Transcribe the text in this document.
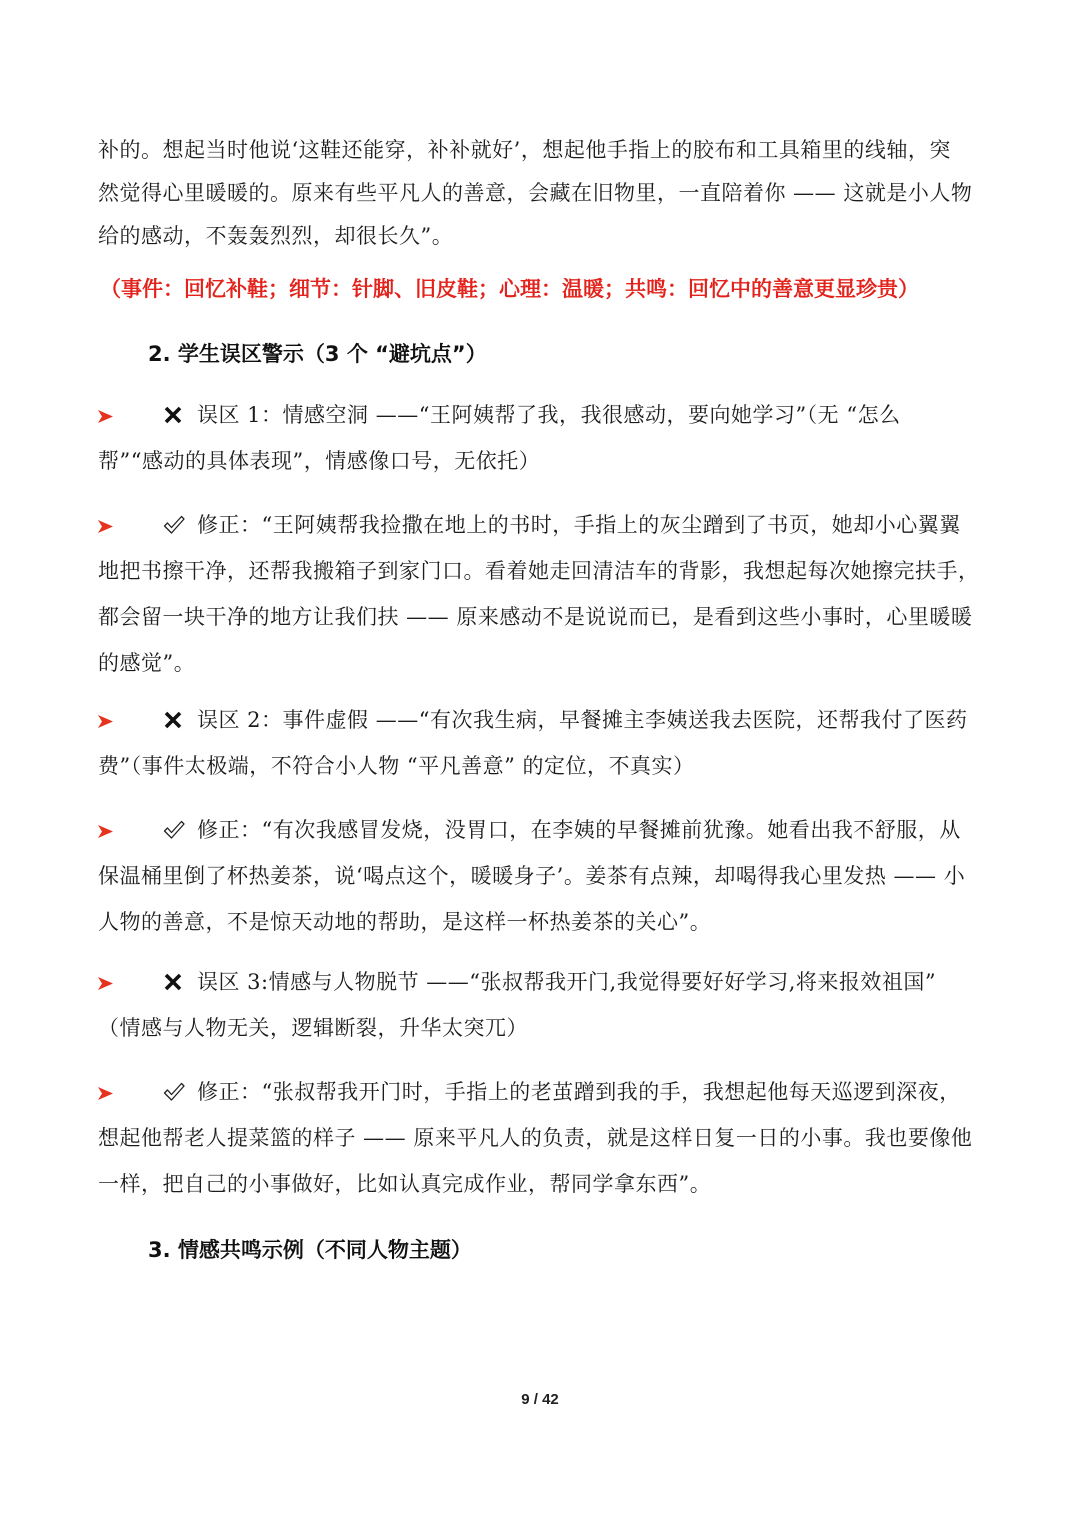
补的。想起当时他说‘这鞋还能穿，补补就好’，想起他手指上的胶布和工具箱里的线轴，突
然觉得心里暖暖的。原来有些平凡人的善意，会藏在旧物里，一直陪着你 —— 这就是小人物
给的感动，不轰轰烈烈，却很长久”。
（事件：回忆补鞋；细节：针脚、旧皮鞋；心理：温暖；共鸣：回忆中的善意更显珍贵）
2. 学生误区警示（3 个 “避坑点”）
误区 1：情感空洞 ——“王阿姨帮了我，我很感动，要向她学习”（无 “怎么
帮”“感动的具体表现”，情感像口号，无依托）
修正：“王阿姨帮我捡撒在地上的书时，手指上的灰尘蹭到了书页，她却小心翼翼
地把书擦干净，还帮我搬箱子到家门口。看着她走回清洁车的背影，我想起每次她擦完扶手，
都会留一块干净的地方让我们扶 —— 原来感动不是说说而已，是看到这些小事时，心里暖暖
的感觉”。
误区 2：事件虚假 ——“有次我生病，早餐摊主李姨送我去医院，还帮我付了医药
费”（事件太极端，不符合小人物 “平凡善意” 的定位，不真实）
修正：“有次我感冒发烧，没胃口，在李姨的早餐摊前犹豫。她看出我不舒服，从
保温桶里倒了杯热姜茶，说‘喝点这个，暖暖身子’。姜茶有点辣，却喝得我心里发热 —— 小
人物的善意，不是惊天动地的帮助，是这样一杯热姜茶的关心”。
误区 3:情感与人物脱节 ——“张叔帮我开门,我觉得要好好学习,将来报效祖国”
（情感与人物无关，逻辑断裂，升华太突兀）
修正：“张叔帮我开门时，手指上的老茧蹭到我的手，我想起他每天巡逻到深夜，
想起他帮老人提菜篮的样子 —— 原来平凡人的负责，就是这样日复一日的小事。我也要像他
一样，把自己的小事做好，比如认真完成作业，帮同学拿东西”。
3. 情感共鸣示例（不同人物主题）
9 / 42
